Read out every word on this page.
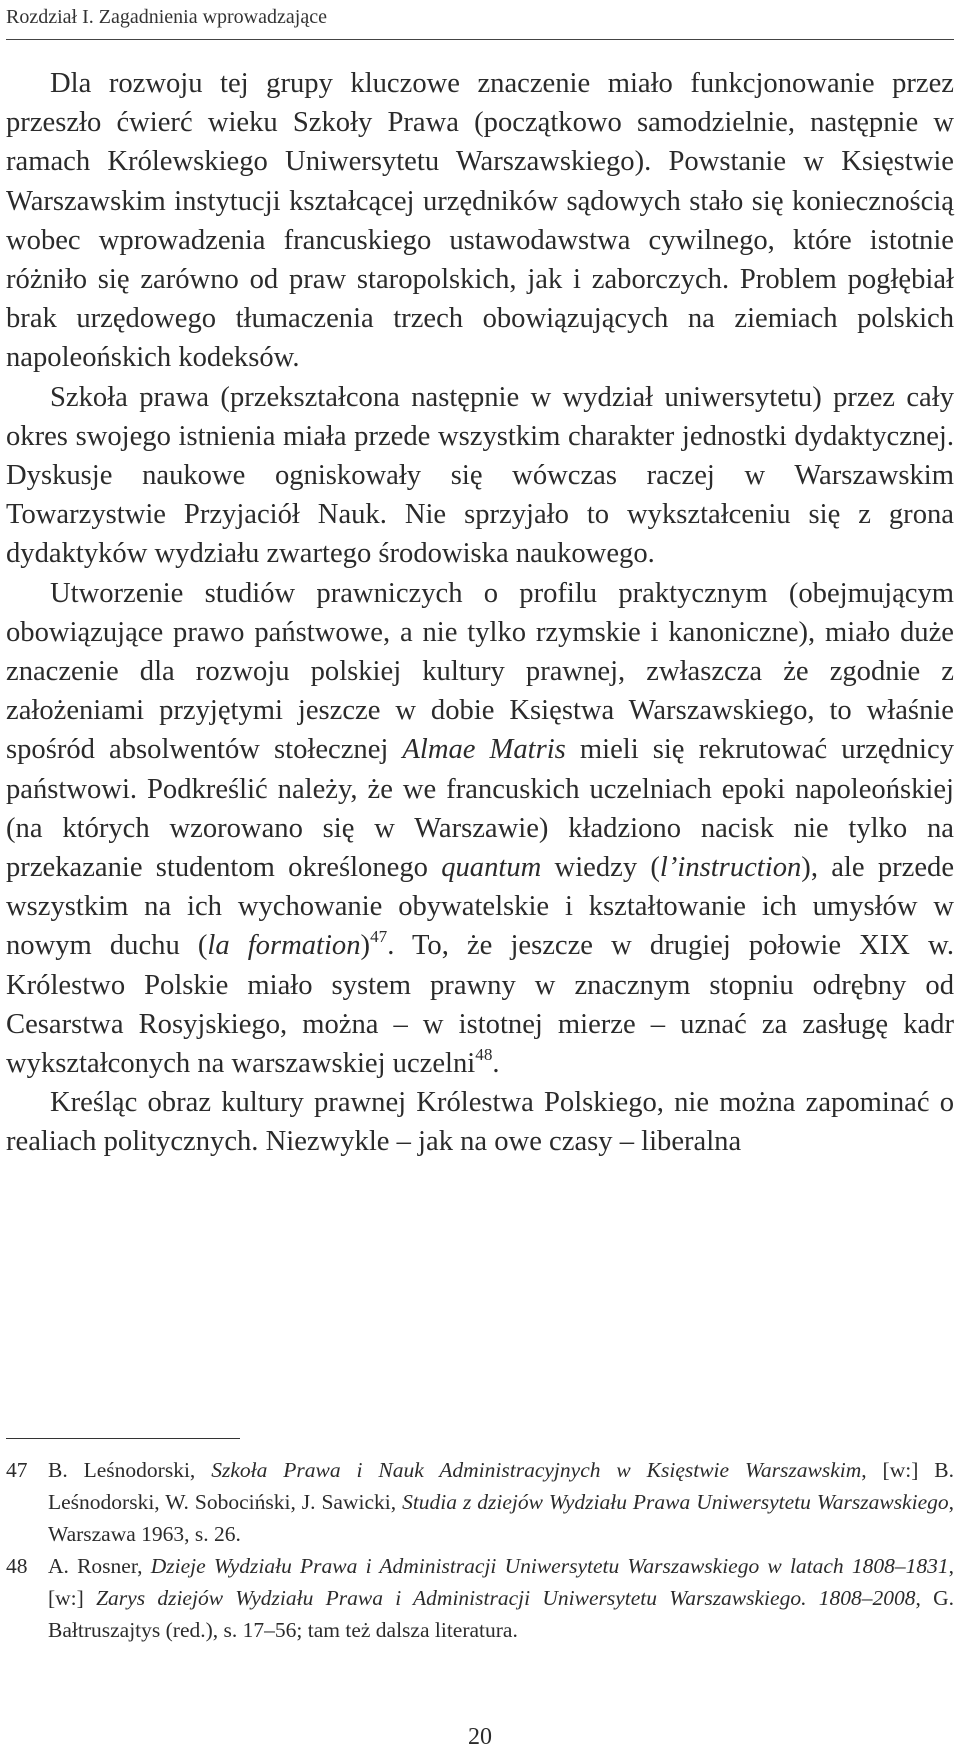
Rozdział I. Zagadnienia wprowadzające

Dla rozwoju tej grupy kluczowe znaczenie miało funkcjonowanie przez przeszło ćwierć wieku Szkoły Prawa (początkowo samodzielnie, następnie w ramach Królewskiego Uniwersytetu Warszawskiego). Powstanie w Księstwie Warszawskim instytucji kształcącej urzędników sądowych stało się koniecznością wobec wprowadzenia francuskiego ustawodawstwa cywilnego, które istotnie różniło się zarówno od praw staropolskich, jak i zaborczych. Problem pogłębiał brak urzędowego tłumaczenia trzech obowiązujących na ziemiach polskich napoleońskich kodeksów.

Szkoła prawa (przekształcona następnie w wydział uniwersytetu) przez cały okres swojego istnienia miała przede wszystkim charakter jednostki dydaktycznej. Dyskusje naukowe ogniskowały się wówczas raczej w Warszawskim Towarzystwie Przyjaciół Nauk. Nie sprzyjało to wykształceniu się z grona dydaktyków wydziału zwartego środowiska naukowego.

Utworzenie studiów prawniczych o profilu praktycznym (obejmującym obowiązujące prawo państwowe, a nie tylko rzymskie i kanoniczne), miało duże znaczenie dla rozwoju polskiej kultury prawnej, zwłaszcza że zgodnie z założeniami przyjętymi jeszcze w dobie Księstwa Warszawskiego, to właśnie spośród absolwentów stołecznej Almae Matris mieli się rekrutować urzędnicy państwowi. Podkreślić należy, że we francuskich uczelniach epoki napoleońskiej (na których wzorowano się w Warszawie) kładziono nacisk nie tylko na przekazanie studentom określonego quantum wiedzy (l’instruction), ale przede wszystkim na ich wychowanie obywatelskie i kształtowanie ich umysłów w nowym duchu (la formation)$^{47}$. To, że jeszcze w drugiej połowie XIX w. Królestwo Polskie miało system prawny w znacznym stopniu odrębny od Cesarstwa Rosyjskiego, można – w istotnej mierze – uznać za zasługę kadr wykształconych na warszawskiej uczelni$^{48}$.

Kreśląc obraz kultury prawnej Królestwa Polskiego, nie można zapominać o realiach politycznych. Niezwykle – jak na owe czasy – liberalna

47 B. Leśnodorski, Szkoła Prawa i Nauk Administracyjnych w Księstwie Warszawskim, [w:] B. Leśnodorski, W. Sobociński, J. Sawicki, Studia z dziejów Wydziału Prawa Uniwersytetu Warszawskiego, Warszawa 1963, s. 26.
48 A. Rosner, Dzieje Wydziału Prawa i Administracji Uniwersytetu Warszawskiego w latach 1808–1831, [w:] Zarys dziejów Wydziału Prawa i Administracji Uniwersytetu Warszawskiego. 1808–2008, G. Bałtruszajtys (red.), s. 17–56; tam też dalsza literatura.
20
